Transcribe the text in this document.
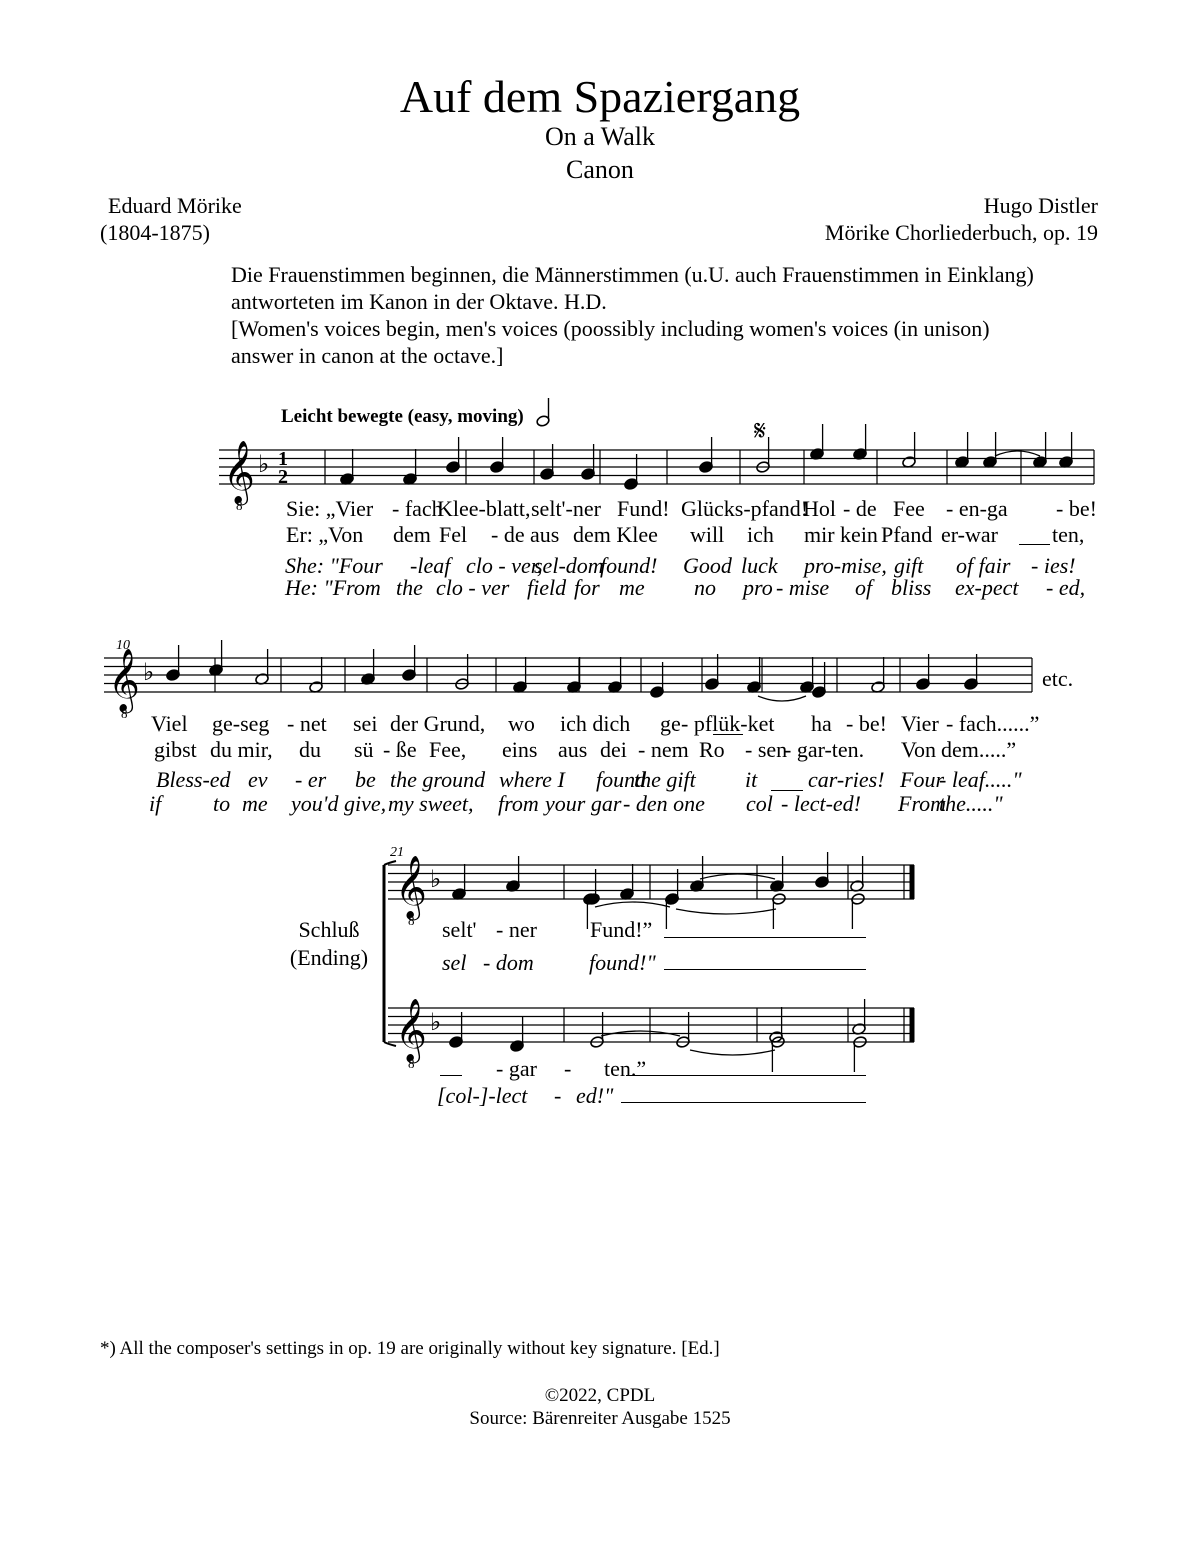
Auf dem Spaziergang
On a Walk
Canon
Eduard Mörike
(1804-1875)
Hugo Distler
Mörike Chorliederbuch, op. 19
Die Frauenstimmen beginnen, die Männerstimmen (u.U. auch Frauenstimmen in Einklang)
antworteten im Kanon in der Oktave. H.D.
[Women's voices begin, men's voices (poossibly including women's voices (in unison)
answer in canon at the octave.]
Leicht bewegte (easy, moving)	𝄋
𝄞
8
♭ 1
2
𝄞
8
♭
𝄞
8
♭
𝄞
8
♭
10
21
etc.
Sie: „Vier - fach
Klee-blatt, selt'-ner Fund! Glücks-pfand!
Hol - de Fee - en-ga - be!
Er: „Von dem Fel - de aus dem Klee will ich mir kein Pfand er-war ten,
She: "Four -leaf clo - ver,
sel-dom
found! Good luck pro-mise, gift of fair - ies!
He: "From the clo - ver field for me no pro - mise of bliss ex-pect - ed,
Viel ge-seg - net sei der Grund, wo ich dich ge - pflük-ket ha - be! Vier - fach......”
gibst du mir, du sü - ße Fee, eins aus dei - nem Ro - sen
- gar-ten. Von dem.....”
Bless-ed ev - er be the ground where I found
the gift it car-ries! Four
- leaf....."
if to me you'd give, my sweet, from your gar - den one col - lect-ed! From
the....."
Schluß
(Ending)
selt' - ner Fund!”
sel - dom	found!"
- gar - ten.”
[col-]-lect - ed!"
*) All the composer's settings in op. 19 are originally without key signature. [Ed.]
©2022, CPDL
Source: Bärenreiter Ausgabe 1525
